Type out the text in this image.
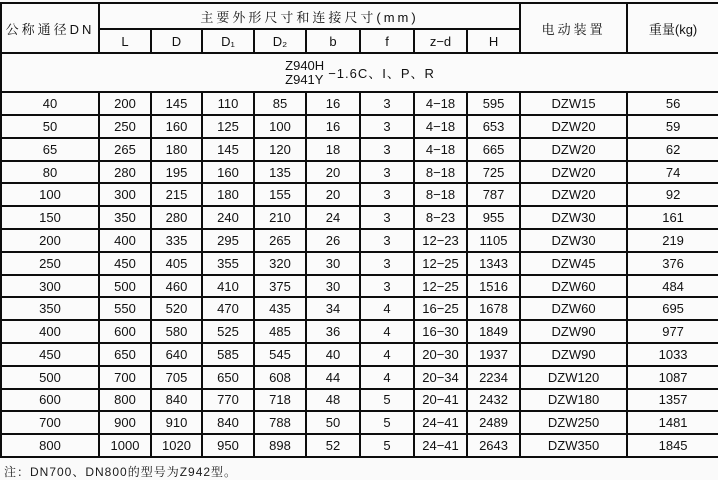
公称通径DN	主要外形尺寸和连接尺寸(mm)								电动装置	重量(kg)
	L	D	D₁	D₂	b	f	z−d	H		

Z940H
Z941Y −1.6C、I、P、R										

40	200	145	110	85	16	3	4−18	595	DZW15	56
50	250	160	125	100	16	3	4−18	653	DZW20	59
65	265	180	145	120	18	3	4−18	665	DZW20	62
80	280	195	160	135	20	3	8−18	725	DZW20	74
100	300	215	180	155	20	3	8−18	787	DZW20	92
150	350	280	240	210	24	3	8−23	955	DZW30	161
200	400	335	295	265	26	3	12−23	1105	DZW30	219
250	450	405	355	320	30	3	12−25	1343	DZW45	376
300	500	460	410	375	30	3	12−25	1516	DZW60	484
350	550	520	470	435	34	4	16−25	1678	DZW60	695
400	600	580	525	485	36	4	16−30	1849	DZW90	977
450	650	640	585	545	40	4	20−30	1937	DZW90	1033
500	700	705	650	608	44	4	20−34	2234	DZW120	1087
600	800	840	770	718	48	5	20−41	2432	DZW180	1357
700	900	910	840	788	50	5	24−41	2489	DZW250	1481
800	1000	1020	950	898	52	5	24−41	2643	DZW350	1845
注：DN700、DN800的型号为Z942型。
